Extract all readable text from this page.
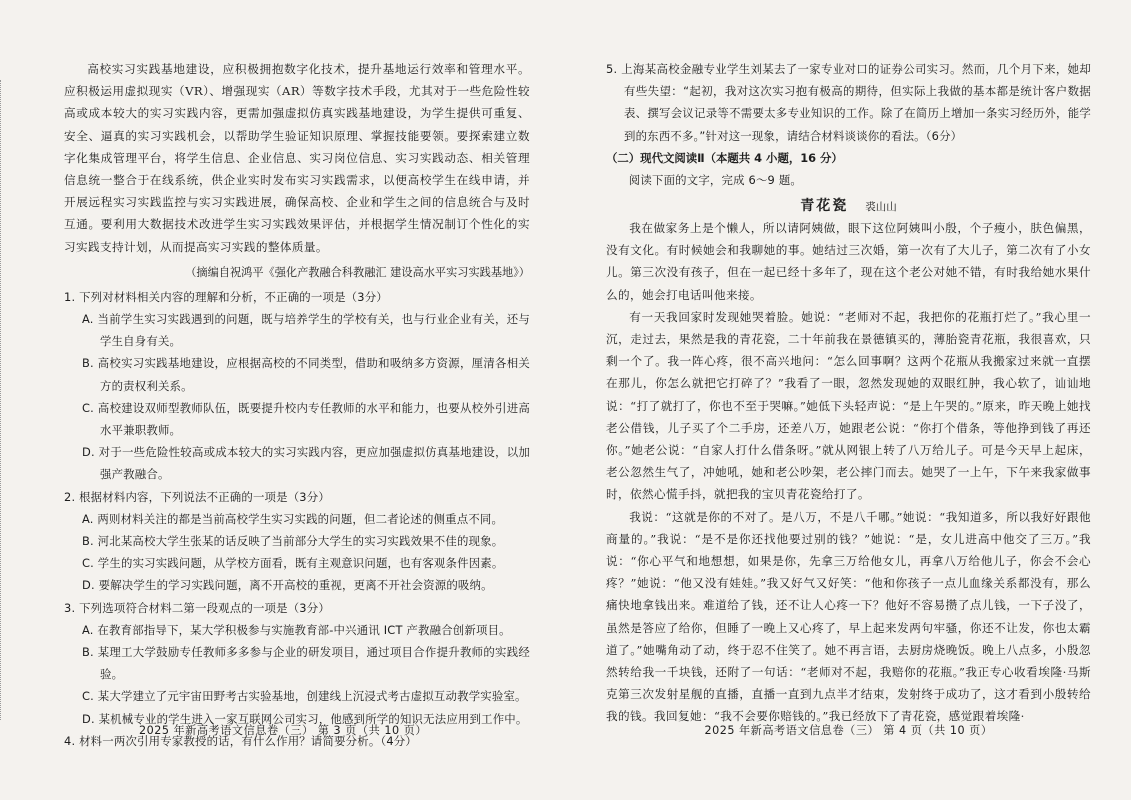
高校实习实践基地建设，应积极拥抱数字化技术，提升基地运行效率和管理水平。应积极运用虚拟现实（VR）、增强现实（AR）等数字技术手段，尤其对于一些危险性较高或成本较大的实习实践内容，更需加强虚拟仿真实践基地建设，为学生提供可重复、安全、逼真的实习实践机会，以帮助学生验证知识原理、掌握技能要领。要探索建立数字化集成管理平台，将学生信息、企业信息、实习岗位信息、实习实践动态、相关管理信息统一整合于在线系统，供企业实时发布实习实践需求，以便高校学生在线申请，并开展远程实习实践监控与实习实践进展，确保高校、企业和学生之间的信息统合与及时互通。要利用大数据技术改进学生实习实践效果评估，并根据学生情况制订个性化的实习实践支持计划，从而提高实习实践的整体质量。

（摘编自祝鸿平《强化产教融合科教融汇 建设高水平实习实践基地》）

1. 下列对材料相关内容的理解和分析，不正确的一项是（3分）

A. 当前学生实习实践遇到的问题，既与培养学生的学校有关，也与行业企业有关，还与学生自身有关。

B. 高校实习实践基地建设，应根据高校的不同类型，借助和吸纳多方资源，厘清各相关方的责权利关系。

C. 高校建设双师型教师队伍，既要提升校内专任教师的水平和能力，也要从校外引进高水平兼职教师。

D. 对于一些危险性较高或成本较大的实习实践内容，更应加强虚拟仿真基地建设，以加强产教融合。

2. 根据材料内容，下列说法不正确的一项是（3分）

A. 两则材料关注的都是当前高校学生实习实践的问题，但二者论述的侧重点不同。

B. 河北某高校大学生张某的话反映了当前部分大学生的实习实践效果不佳的现象。

C. 学生的实习实践问题，从学校方面看，既有主观意识问题，也有客观条件因素。

D. 要解决学生的学习实践问题，离不开高校的重视，更离不开社会资源的吸纳。

3. 下列选项符合材料二第一段观点的一项是（3分）

A. 在教育部指导下，某大学积极参与实施教育部-中兴通讯 ICT 产教融合创新项目。

B. 某理工大学鼓励专任教师多多参与企业的研发项目，通过项目合作提升教师的实践经验。

C. 某大学建立了元宇宙田野考古实验基地，创建线上沉浸式考古虚拟互动教学实验室。

D. 某机械专业的学生进入一家互联网公司实习，他感到所学的知识无法应用到工作中。

4. 材料一两次引用专家教授的话，有什么作用？请简要分析。（4分）

2025 年新高考语文信息卷（三） 第 3 页（共 10 页）

5. 上海某高校金融专业学生刘某去了一家专业对口的证券公司实习。然而，几个月下来，她却有些失望：“起初，我对这次实习抱有极高的期待，但实际上我做的基本都是统计客户数据表、撰写会议记录等不需要太多专业知识的工作。除了在简历上增加一条实习经历外，能学到的东西不多。”针对这一现象，请结合材料谈谈你的看法。（6分）

（二）现代文阅读Ⅱ（本题共 4 小题，16 分）

阅读下面的文字，完成 6～9 题。

青花瓷 裘山山

我在做家务上是个懒人，所以请阿姨做，眼下这位阿姨叫小殷，个子瘦小，肤色偏黑，没有文化。有时候她会和我聊她的事。她结过三次婚，第一次有了大儿子，第二次有了小女儿。第三次没有孩子，但在一起已经十多年了，现在这个老公对她不错，有时我给她水果什么的，她会打电话叫他来接。

有一天我回家时发现她哭着脸。她说：“老师对不起，我把你的花瓶打烂了。”我心里一沉，走过去，果然是我的青花瓷，二十年前我在景德镇买的，薄胎瓷青花瓶，我很喜欢，只剩一个了。我一阵心疼，很不高兴地问：“怎么回事啊？这两个花瓶从我搬家过来就一直摆在那儿，你怎么就把它打碎了？”我看了一眼，忽然发现她的双眼红肿，我心软了，讪讪地说：“打了就打了，你也不至于哭嘛。”她低下头轻声说：“是上午哭的。”原来，昨天晚上她找老公借钱，儿子买了个二手房，还差八万，她跟老公说：“你打个借条，等他挣到钱了再还你。”她老公说：“自家人打什么借条呀。”就从网银上转了八万给儿子。可是今天早上起床，老公忽然生气了，冲她吼，她和老公吵架，老公摔门而去。她哭了一上午，下午来我家做事时，依然心慌手抖，就把我的宝贝青花瓷给打了。

我说：“这就是你的不对了。是八万，不是八千哪。”她说：“我知道多，所以我好好跟他商量的。”我说：“是不是你还找他要过别的钱？”她说：“是，女儿进高中他交了三万。”我说：“你心平气和地想想，如果是你，先拿三万给他女儿，再拿八万给他儿子，你会不会心疼？”她说：“他又没有娃娃。”我又好气又好笑：“他和你孩子一点儿血缘关系都没有，那么痛快地拿钱出来。难道给了钱，还不让人心疼一下？他好不容易攒了点儿钱，一下子没了，虽然是答应了给你，但睡了一晚上又心疼了，早上起来发两句牢骚，你还不让发，你也太霸道了。”她嘴角动了动，终于忍不住笑了。她不再言语，去厨房烧晚饭。晚上八点多，小殷忽然转给我一千块钱，还附了一句话：“老师对不起，我赔你的花瓶。”我正专心收看埃隆·马斯克第三次发射星舰的直播，直播一直到九点半才结束，发射终于成功了，这才看到小殷转给我的钱。我回复她：“我不会要你赔钱的。”我已经放下了青花瓷，感觉跟着埃隆·

2025 年新高考语文信息卷（三） 第 4 页（共 10 页）
